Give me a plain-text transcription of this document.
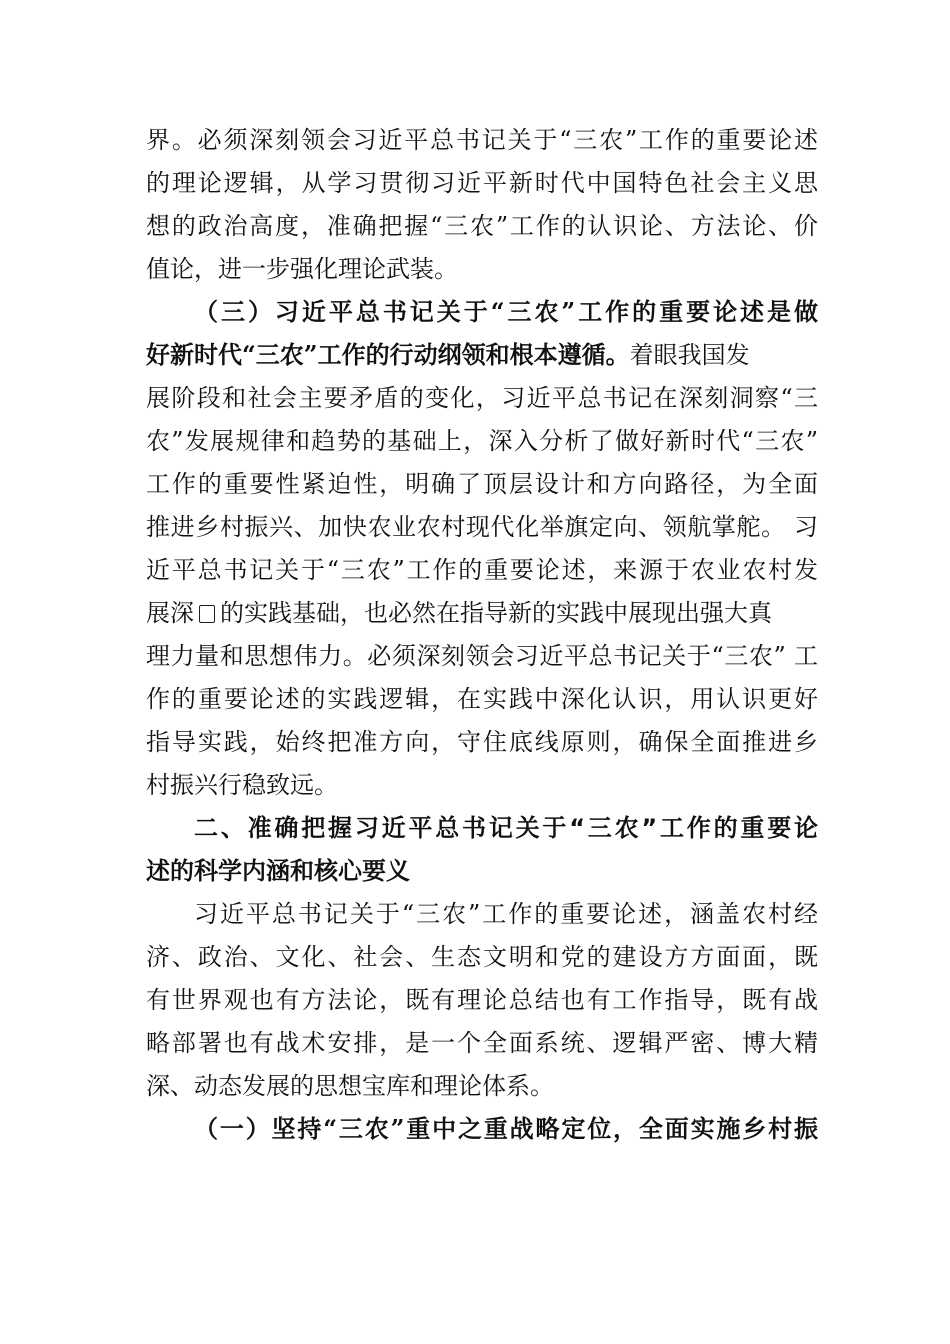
界。必须深刻领会习近平总书记关于“三农”工作的重要论述
的理论逻辑，从学习贯彻习近平新时代中国特色社会主义思
想的政治高度，准确把握“三农”工作的认识论、方法论、价
值论，进一步强化理论武装。
（三）习近平总书记关于“三农”工作的重要论述是做
好新时代“三农”工作的行动纲领和根本遵循。着眼我国发
展阶段和社会主要矛盾的变化，习近平总书记在深刻洞察“三
农”发展规律和趋势的基础上，深入分析了做好新时代“三农”
工作的重要性紧迫性，明确了顶层设计和方向路径，为全面
推进乡村振兴、加快农业农村现代化举旗定向、领航掌舵。 习
近平总书记关于“三农”工作的重要论述，来源于农业农村发
展深 的实践基础，也必然在指导新的实践中展现出强大真
理力量和思想伟力。必须深刻领会习近平总书记关于“三农” 工
作的重要论述的实践逻辑，在实践中深化认识，用认识更好
指导实践，始终把准方向，守住底线原则，确保全面推进乡
村振兴行稳致远。
二、准确把握习近平总书记关于“三农”工作的重要论
述的科学内涵和核心要义
习近平总书记关于“三农”工作的重要论述，涵盖农村经
济、政治、文化、社会、生态文明和党的建设方方面面，既
有世界观也有方法论，既有理论总结也有工作指导，既有战
略部署也有战术安排，是一个全面系统、逻辑严密、博大精
深、动态发展的思想宝库和理论体系。
（一）坚持“三农”重中之重战略定位，全面实施乡村振
